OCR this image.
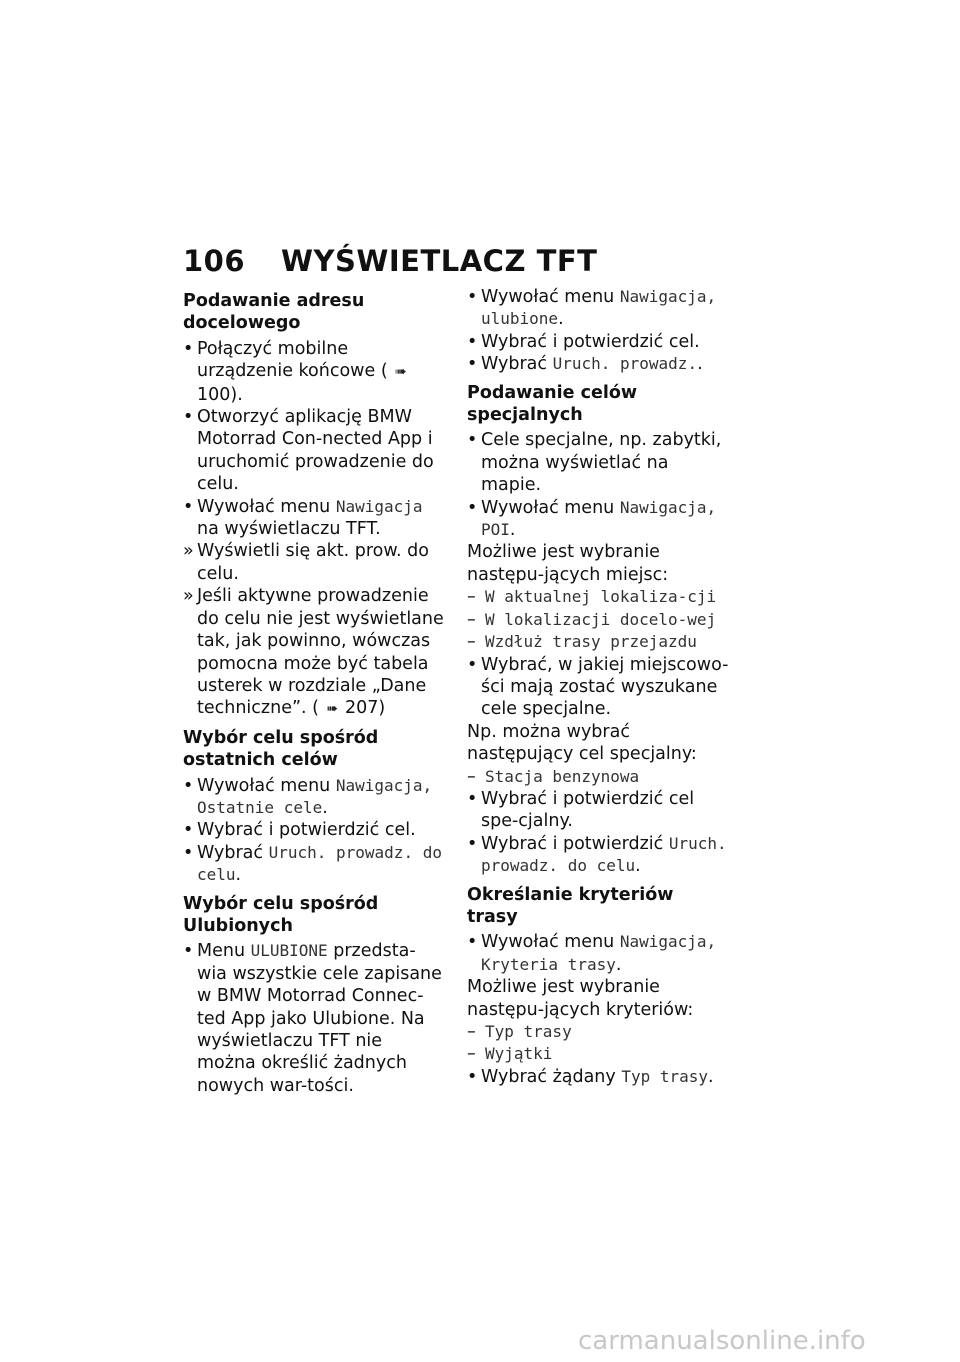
106 WYŚWIETLACZ TFT
Podawanie adresu docelowego
• Połączyć mobilne urządzenie końcowe ( ➠100).
• Otworzyć aplikację BMW Motorrad Con-nected App i uruchomić prowadzenie do celu.
• Wywołać menu Nawigacja na wyświetlaczu TFT.
» Wyświetli się akt. prow. do celu.
» Jeśli aktywne prowadzenie do celu nie jest wyświetlane tak, jak powinno, wówczas pomocna może być tabela usterek w rozdziale „Dane techniczne”. ( ➠ 207)
Wybór celu spośród ostatnich celów
• Wywołać menu Nawigacja, Ostatnie cele.
• Wybrać i potwierdzić cel.
• Wybrać Uruch. prowadz. do celu.
Wybór celu spośród Ulubionych
• Menu ULUBIONE przedsta-wia wszystkie cele zapisane w BMW Motorrad Connec-ted App jako Ulubione. Na wyświetlaczu TFT nie można określić żadnych nowych war-tości.
• Wywołać menu Nawigacja, ulubione.
• Wybrać i potwierdzić cel.
• Wybrać Uruch. prowadz..
Podawanie celów specjalnych
• Cele specjalne, np. zabytki, można wyświetlać na mapie.
• Wywołać menu Nawigacja, POI.
Możliwe jest wybranie następu-jących miejsc:
– W aktualnej lokaliza-cji
– W lokalizacji docelo-wej
– Wzdłuż trasy przejazdu
• Wybrać, w jakiej miejscowo-ści mają zostać wyszukane cele specjalne.
Np. można wybrać następujący cel specjalny:
– Stacja benzynowa
• Wybrać i potwierdzić cel spe-cjalny.
• Wybrać i potwierdzić Uruch. prowadz. do celu.
Określanie kryteriów trasy
• Wywołać menu Nawigacja, Kryteria trasy.
Możliwe jest wybranie następu-jących kryteriów:
– Typ trasy
– Wyjątki
• Wybrać żądany Typ trasy.
carmanualsonline.info
